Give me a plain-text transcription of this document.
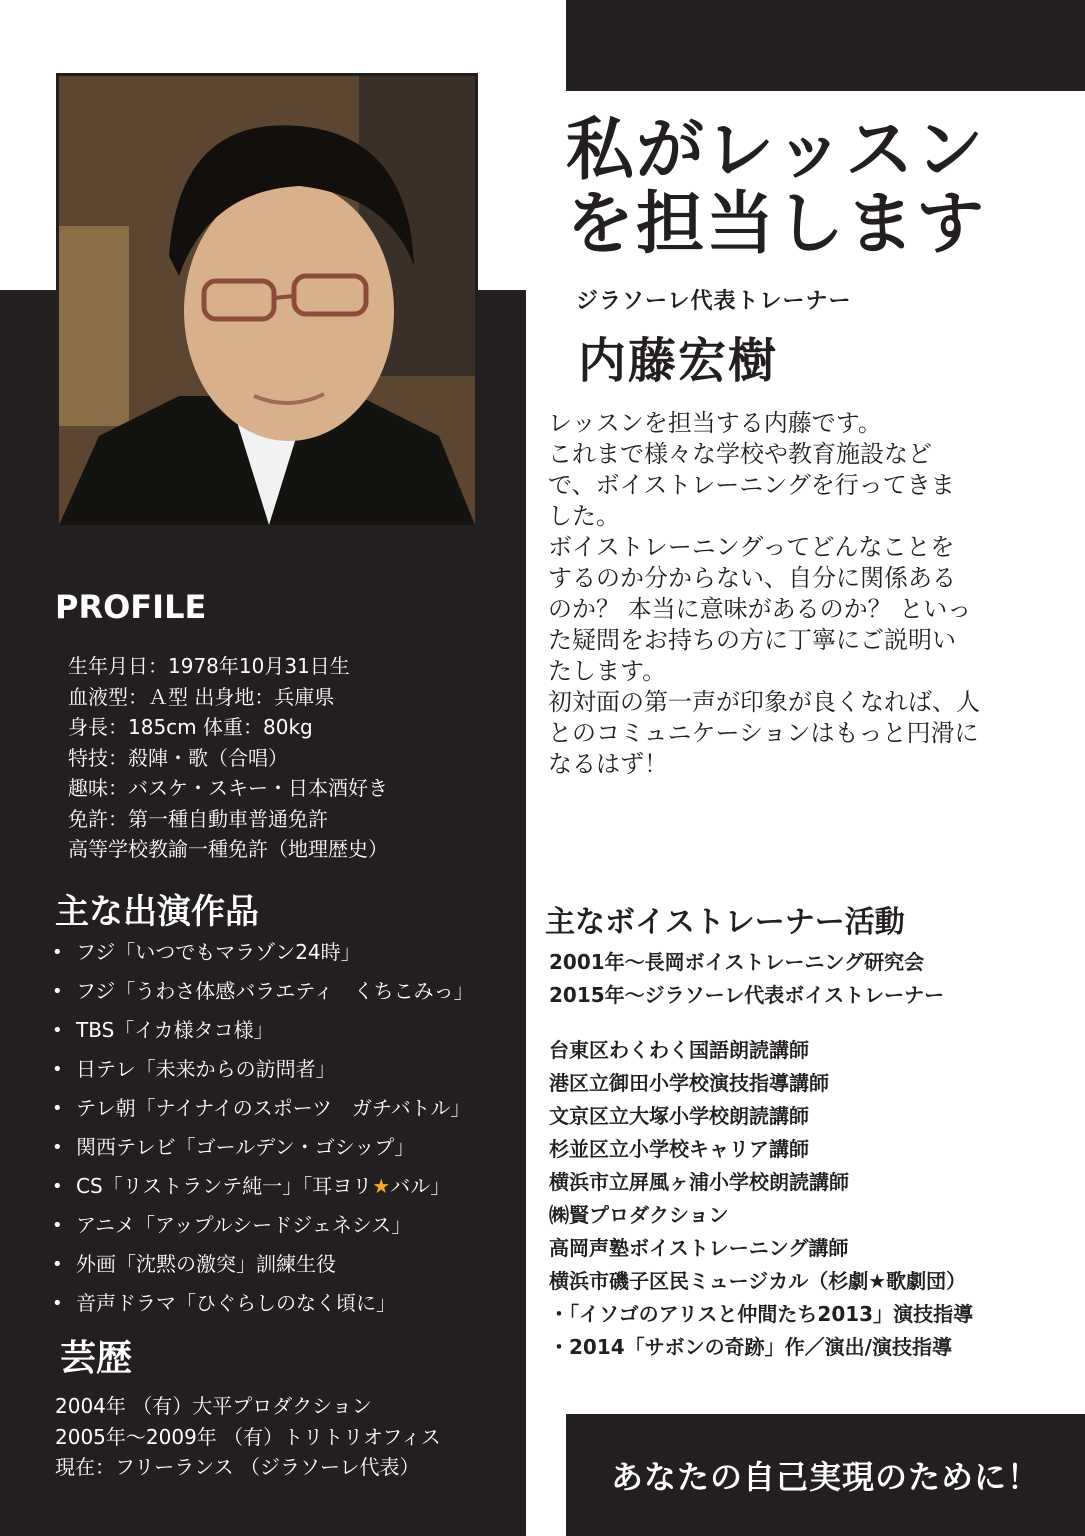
私がレッスン
を担当します
ジラソーレ代表トレーナー
内藤宏樹

レッスンを担当する内藤です。

これまで様々な学校や教育施設など

で、ボイストレーニングを行ってきま

した。

ボイストレーニングってどんなことを

するのか分からない、自分に関係ある

のか？ 本当に意味があるのか？ といっ

た疑問をお持ちの方に丁寧にご説明い

たします。

初対面の第一声が印象が良くなれば、人

とのコミュニケーションはもっと円滑に

なるはず！

主なボイストレーナー活動
2001年〜長岡ボイストレーニング研究会
2015年〜ジラソーレ代表ボイストレーナー
台東区わくわく国語朗読講師
港区立御田小学校演技指導講師
文京区立大塚小学校朗読講師
杉並区立小学校キャリア講師
横浜市立屏風ヶ浦小学校朗読講師
㈱賢プロダクション
高岡声塾ボイストレーニング講師
横浜市磯子区民ミュージカル（杉劇★歌劇団）
・「イソゴのアリスと仲間たち2013」演技指導
・2014「サボンの奇跡」作／演出/演技指導
PROFILE
生年月日：1978年10月31日生
血液型：Ａ型 出身地：兵庫県
身長：185cm 体重：80kg
特技：殺陣・歌（合唱）
趣味：バスケ・スキー・日本酒好き
免許：第一種自動車普通免許
高等学校教諭一種免許（地理歴史）
主な出演作品
• フジ「いつでもマラゾン24時」
• フジ「うわさ体感バラエティ　くちこみっ」
• TBS「イカ様タコ様」
• 日テレ「未来からの訪問者」
• テレ朝「ナイナイのスポーツ　ガチバトル」
• 関西テレビ「ゴールデン・ゴシップ」
• CS「リストランテ純一」「耳ヨリ★バル」
• アニメ「アップルシードジェネシス」
• 外画「沈黙の激突」訓練生役
• 音声ドラマ「ひぐらしのなく頃に」
芸歴
2004年 （有）大平プロダクション
2005年〜2009年 （有）トリトリオフィス
現在：フリーランス （ジラソーレ代表）	あなたの自己実現のために！
